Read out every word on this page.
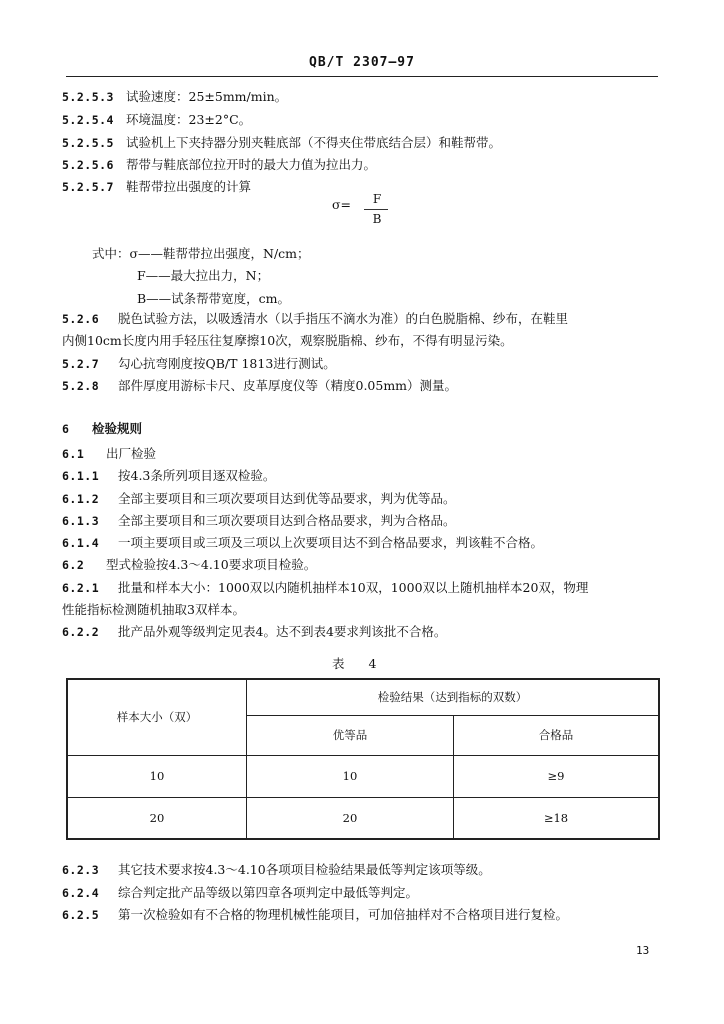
QB/T 2307—97
5.2.5.3 试验速度：25±5mm/min。
5.2.5.4 环境温度：23±2°C。
5.2.5.5 试验机上下夹持器分别夹鞋底部（不得夹住带底结合层）和鞋帮带。
5.2.5.6 帮带与鞋底部位拉开时的最大力值为拉出力。
5.2.5.7 鞋帮带拉出强度的计算
σ= F
B
式中：σ——鞋帮带拉出强度，N/cm；
F——最大拉出力，N；
B——试条帮带宽度，cm。
5.2.6 脱色试验方法，以吸透清水（以手指压不滴水为准）的白色脱脂棉、纱布，在鞋里
内侧10cm长度内用手轻压往复摩擦10次，观察脱脂棉、纱布，不得有明显污染。
5.2.7 勾心抗弯刚度按QB/T 1813进行测试。
5.2.8 部件厚度用游标卡尺、皮革厚度仪等（精度0.05mm）测量。
6 检验规则
6.1 出厂检验
6.1.1 按4.3条所列项目逐双检验。
6.1.2 全部主要项目和三项次要项目达到优等品要求，判为优等品。
6.1.3 全部主要项目和三项次要项目达到合格品要求，判为合格品。
6.1.4 一项主要项目或三项及三项以上次要项目达不到合格品要求，判该鞋不合格。
6.2 型式检验按4.3～4.10要求项目检验。
6.2.1 批量和样本大小：1000双以内随机抽样本10双，1000双以上随机抽样本20双，物理
性能指标检测随机抽取3双样本。
6.2.2 批产品外观等级判定见表4。达不到表4要求判该批不合格。
表 4
样本大小（双）	检验结果（达到指标的双数）	
	优等品	合格品
10	10	≥9
20	20	≥18
6.2.3 其它技术要求按4.3～4.10各项项目检验结果最低等判定该项等级。
6.2.4 综合判定批产品等级以第四章各项判定中最低等判定。
6.2.5 第一次检验如有不合格的物理机械性能项目，可加倍抽样对不合格项目进行复检。
13
